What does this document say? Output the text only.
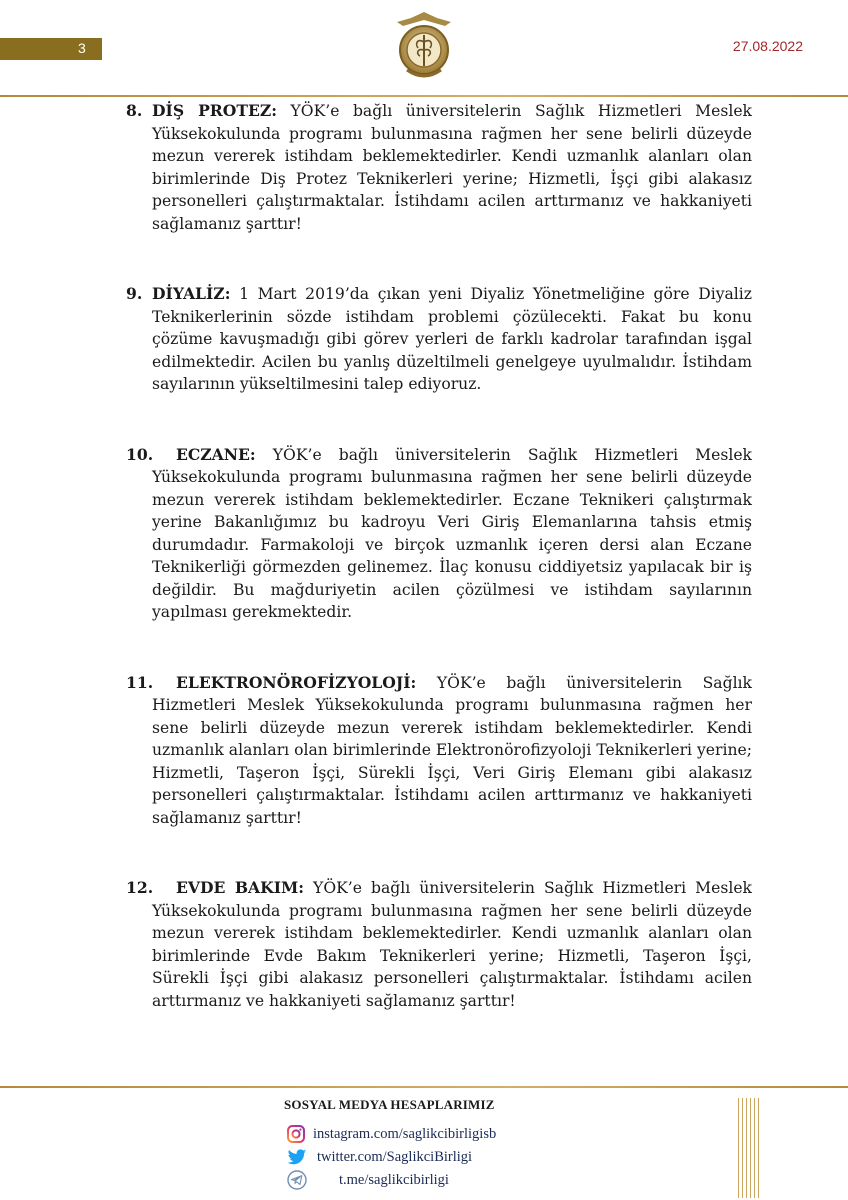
3	27.08.2022
8. DİŞ PROTEZ: YÖK’e bağlı üniversitelerin Sağlık Hizmetleri Meslek Yüksekokulunda programı bulunmasına rağmen her sene belirli düzeyde mezun vererek istihdam beklemektedirler. Kendi uzmanlık alanları olan birimlerinde Diş Protez Teknikerleri yerine; Hizmetli, İşçi gibi alakasız personelleri çalıştırmaktalar. İstihdamı acilen arttırmanız ve hakkaniyeti sağlamanız şarttır!
9. DİYALİZ: 1 Mart 2019’da çıkan yeni Diyaliz Yönetmeliğine göre Diyaliz Teknikerlerinin sözde istihdam problemi çözülecekti. Fakat bu konu çözüme kavuşmadığı gibi görev yerleri de farklı kadrolar tarafından işgal edilmektedir. Acilen bu yanlış düzeltilmeli genelgeye uyulmalıdır. İstihdam sayılarının yükseltilmesini talep ediyoruz.
10. ECZANE: YÖK’e bağlı üniversitelerin Sağlık Hizmetleri Meslek Yüksekokulunda programı bulunmasına rağmen her sene belirli düzeyde mezun vererek istihdam beklemektedirler. Eczane Teknikeri çalıştırmak yerine Bakanlığımız bu kadroyu Veri Giriş Elemanlarına tahsis etmiş durumdadır. Farmakoloji ve birçok uzmanlık içeren dersi alan Eczane Teknikerliği görmezden gelinemez. İlaç konusu ciddiyetsiz yapılacak bir iş değildir. Bu mağduriyetin acilen çözülmesi ve istihdam sayılarının yapılması gerekmektedir.
11. ELEKTRONÖROFİZYOLOJİ: YÖK’e bağlı üniversitelerin Sağlık Hizmetleri Meslek Yüksekokulunda programı bulunmasına rağmen her sene belirli düzeyde mezun vererek istihdam beklemektedirler. Kendi uzmanlık alanları olan birimlerinde Elektronörofizyoloji Teknikerleri yerine; Hizmetli, Taşeron İşçi, Sürekli İşçi, Veri Giriş Elemanı gibi alakasız personelleri çalıştırmaktalar. İstihdamı acilen arttırmanız ve hakkaniyeti sağlamanız şarttır!
12. EVDE BAKIM: YÖK’e bağlı üniversitelerin Sağlık Hizmetleri Meslek Yüksekokulunda programı bulunmasına rağmen her sene belirli düzeyde mezun vererek istihdam beklemektedirler. Kendi uzmanlık alanları olan birimlerinde Evde Bakım Teknikerleri yerine; Hizmetli, Taşeron İşçi, Sürekli İşçi gibi alakasız personelleri çalıştırmaktalar. İstihdamı acilen arttırmanız ve hakkaniyeti sağlamanız şarttır!
SOSYAL MEDYA HESAPLARIMIZ
instagram.com/saglikcibirligisb
twitter.com/SaglikciBirligi
t.me/saglikcibirligi
